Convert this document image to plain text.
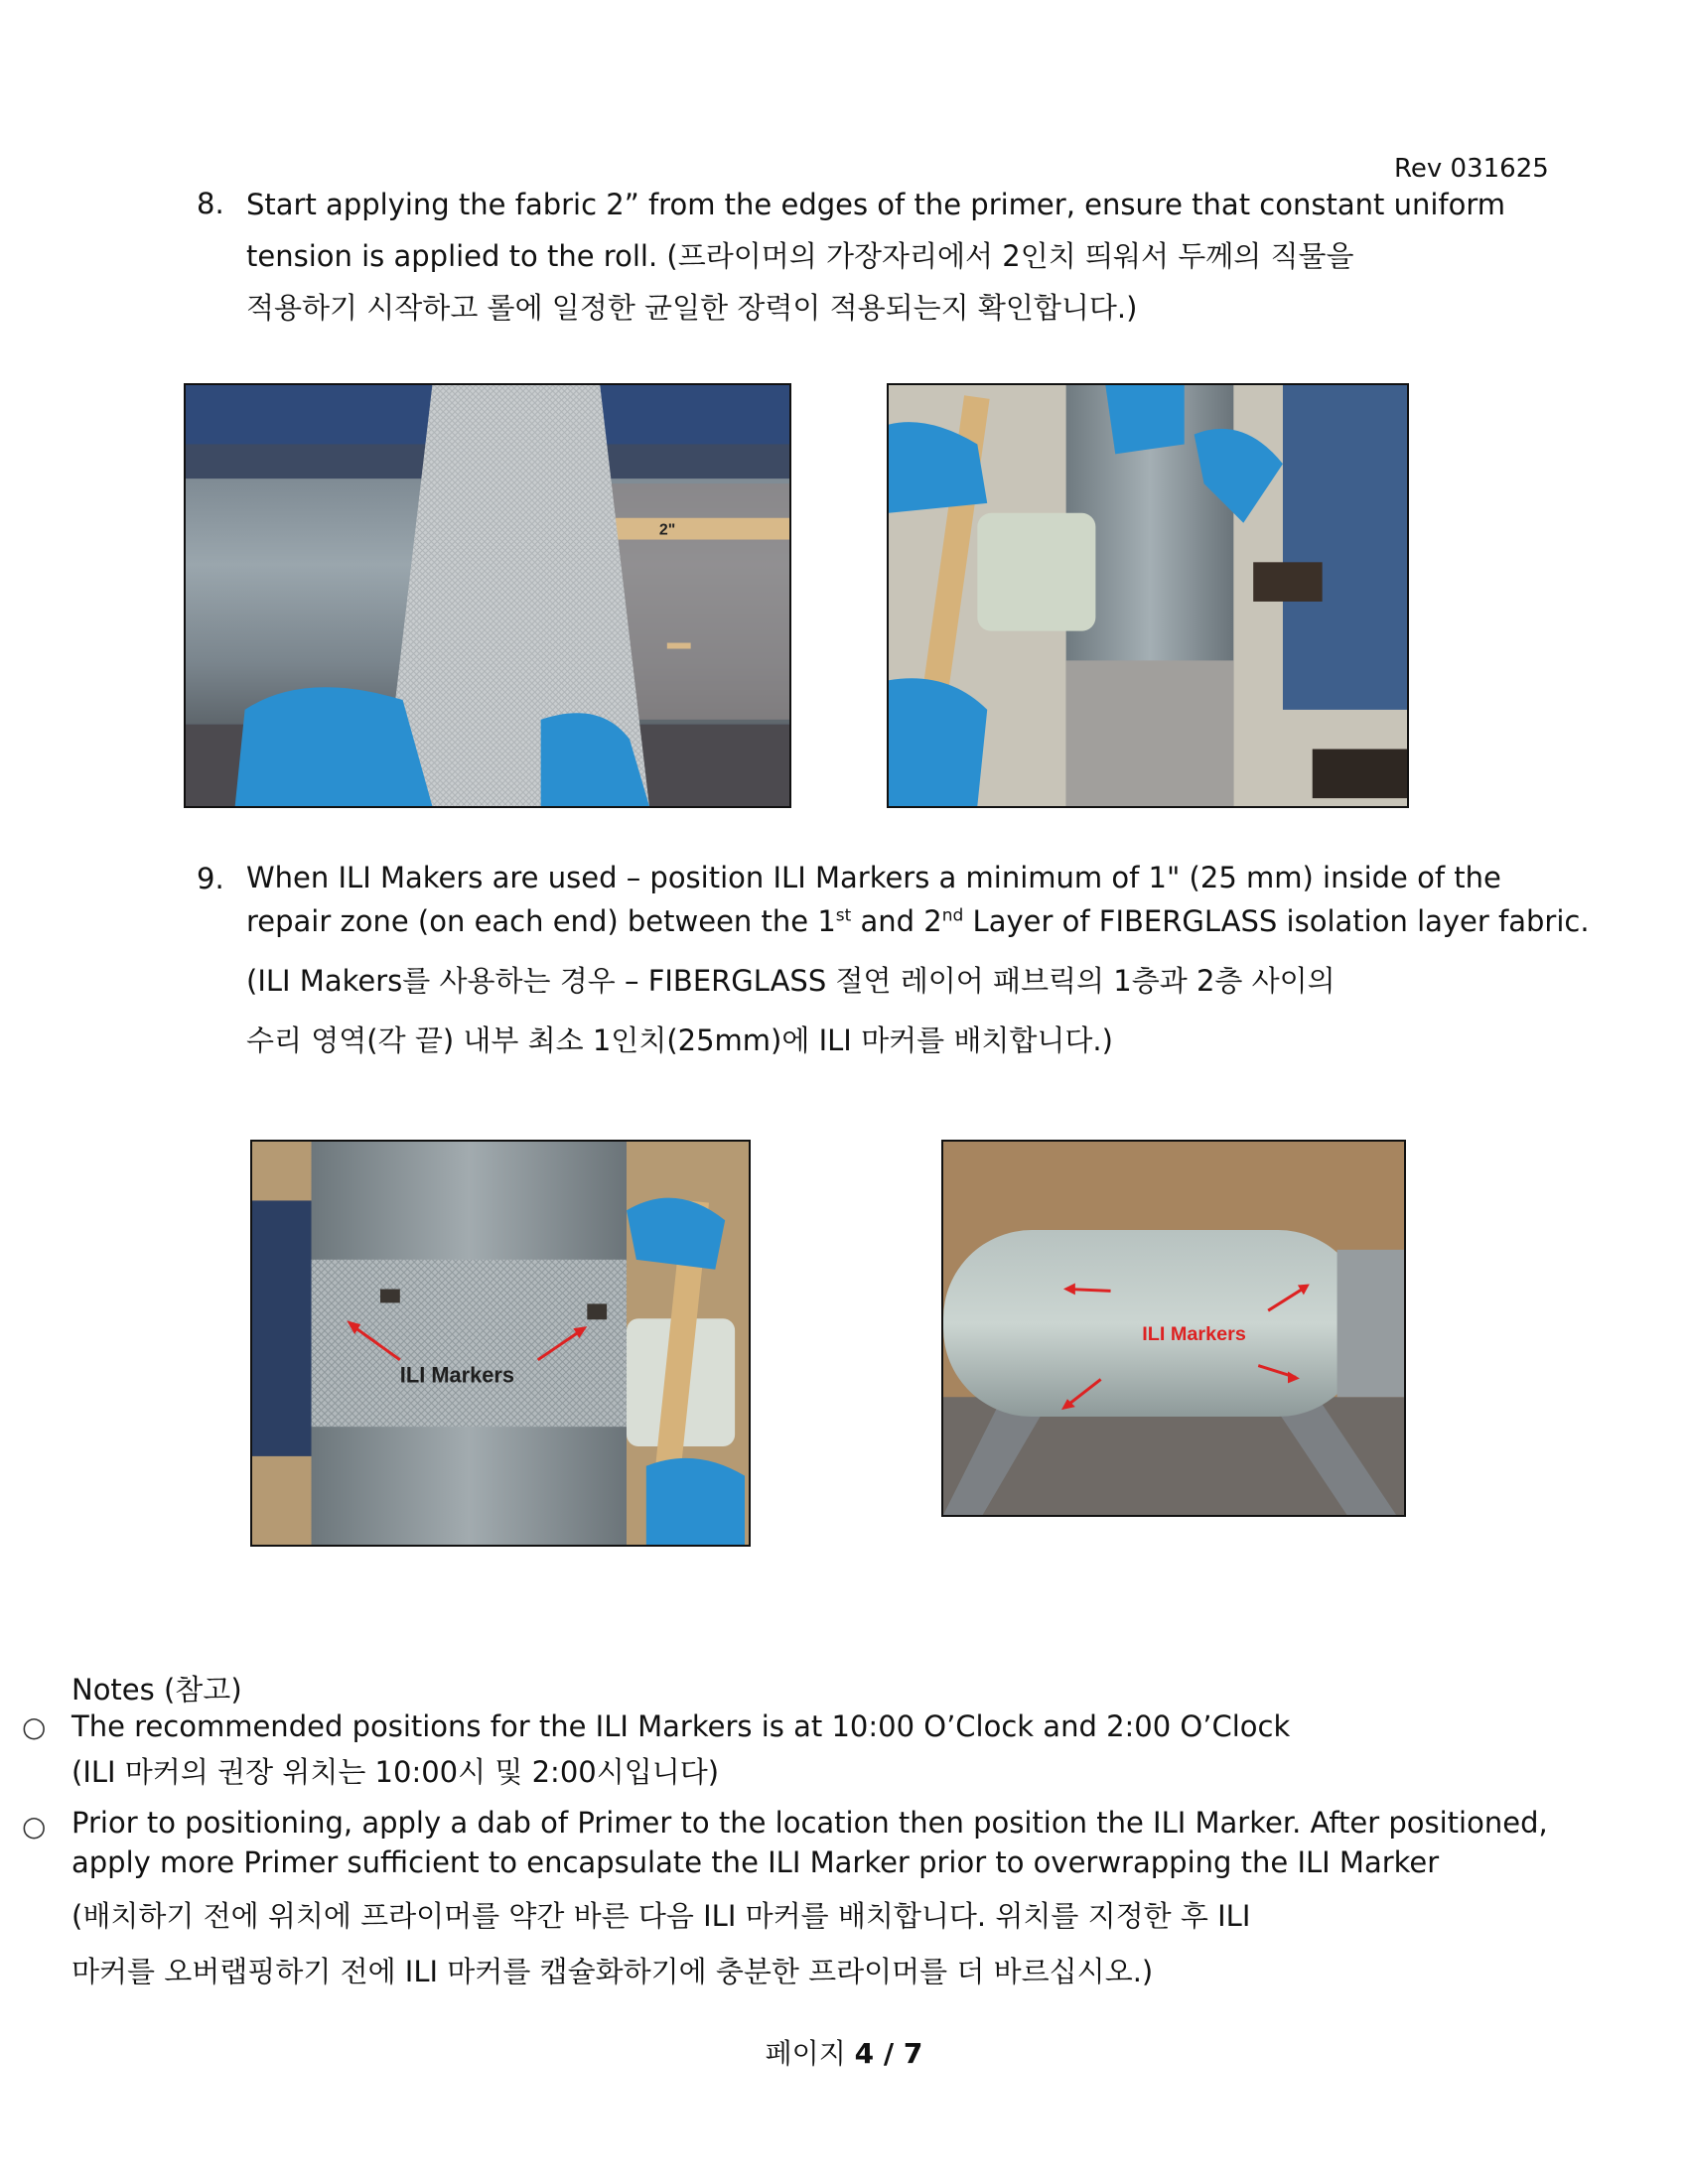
Rev 031625
8. Start applying the fabric 2” from the edges of the primer, ensure that constant uniform

tension is applied to the roll. (프라이머의 가장자리에서 2인치 띄워서 두께의 직물을

적용하기 시작하고 롤에 일정한 균일한 장력이 적용되는지 확인합니다.)

2"
9. When ILI Makers are used – position ILI Markers a minimum of 1" (25 mm) inside of the

repair zone (on each end) between the 1st and 2nd Layer of FIBERGLASS isolation layer fabric.

(ILI Makers를 사용하는 경우 – FIBERGLASS 절연 레이어 패브릭의 1층과 2층 사이의

수리 영역(각 끝) 내부 최소 1인치(25mm)에 ILI 마커를 배치합니다.)

ILI Markers
ILI Markers
Notes (참고)
○ The recommended positions for the ILI Markers is at 10:00 O’Clock and 2:00 O’Clock

(ILI 마커의 권장 위치는 10:00시 및 2:00시입니다)

○ Prior to positioning, apply a dab of Primer to the location then position the ILI Marker. After positioned,

apply more Primer sufficient to encapsulate the ILI Marker prior to overwrapping the ILI Marker

(배치하기 전에 위치에 프라이머를 약간 바른 다음 ILI 마커를 배치합니다. 위치를 지정한 후 ILI

마커를 오버랩핑하기 전에 ILI 마커를 캡슐화하기에 충분한 프라이머를 더 바르십시오.)

페이지 4 / 7
